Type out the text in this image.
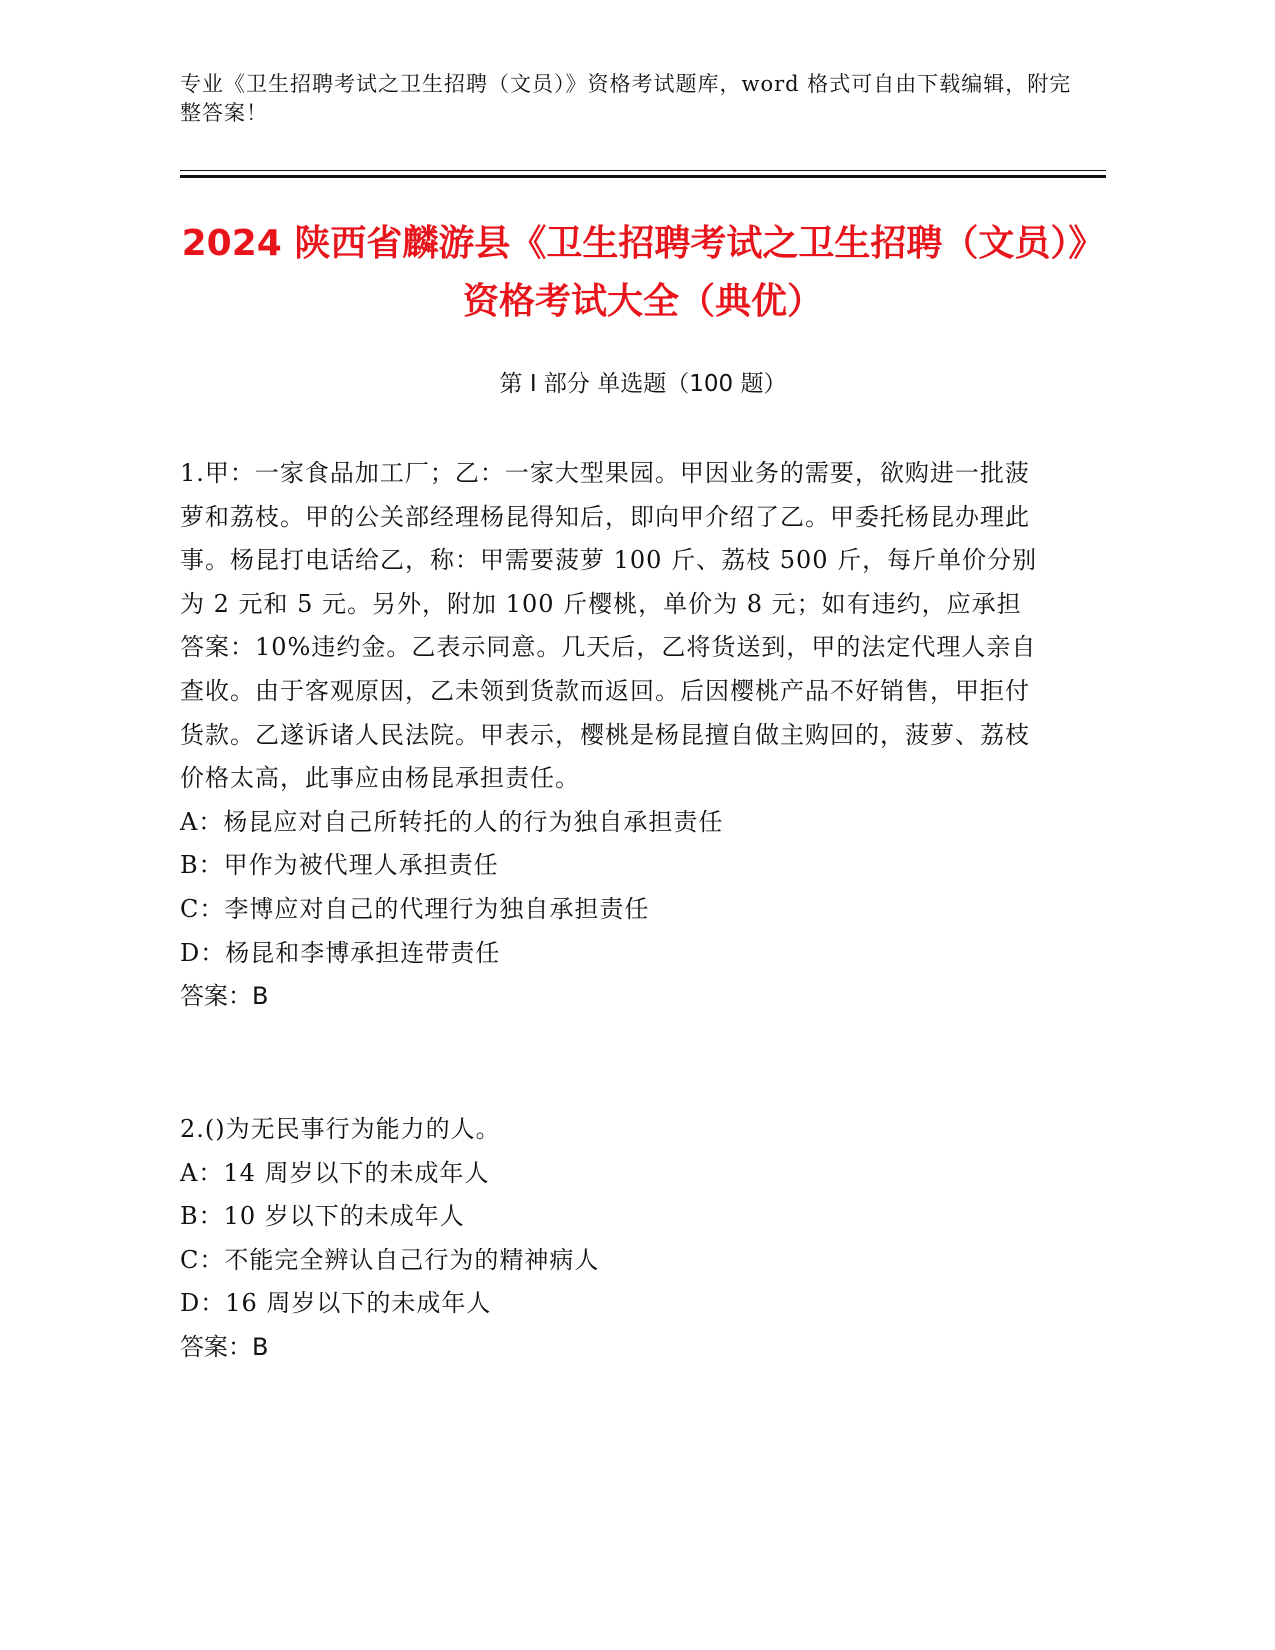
专业《卫生招聘考试之卫生招聘（文员）》资格考试题库，word 格式可自由下载编辑，附完整答案！
2024 陕西省麟游县《卫生招聘考试之卫生招聘（文员）》资格考试大全（典优）
第 I 部分 单选题（100 题）

1.甲：一家食品加工厂；乙：一家大型果园。甲因业务的需要，欲购进一批菠萝和荔枝。甲的公关部经理杨昆得知后，即向甲介绍了乙。甲委托杨昆办理此事。杨昆打电话给乙，称：甲需要菠萝 100 斤、荔枝 500 斤，每斤单价分别为 2 元和 5 元。另外，附加 100 斤樱桃，单价为 8 元；如有违约，应承担答案：10%违约金。乙表示同意。几天后，乙将货送到，甲的法定代理人亲自查收。由于客观原因，乙未领到货款而返回。后因樱桃产品不好销售，甲拒付货款。乙遂诉诸人民法院。甲表示，樱桃是杨昆擅自做主购回的，菠萝、荔枝价格太高，此事应由杨昆承担责任。

A：杨昆应对自己所转托的人的行为独自承担责任

B：甲作为被代理人承担责任

C：李博应对自己的代理行为独自承担责任

D：杨昆和李博承担连带责任

答案：B

2.()为无民事行为能力的人。

A：14 周岁以下的未成年人

B：10 岁以下的未成年人

C：不能完全辨认自己行为的精神病人

D：16 周岁以下的未成年人

答案：B
